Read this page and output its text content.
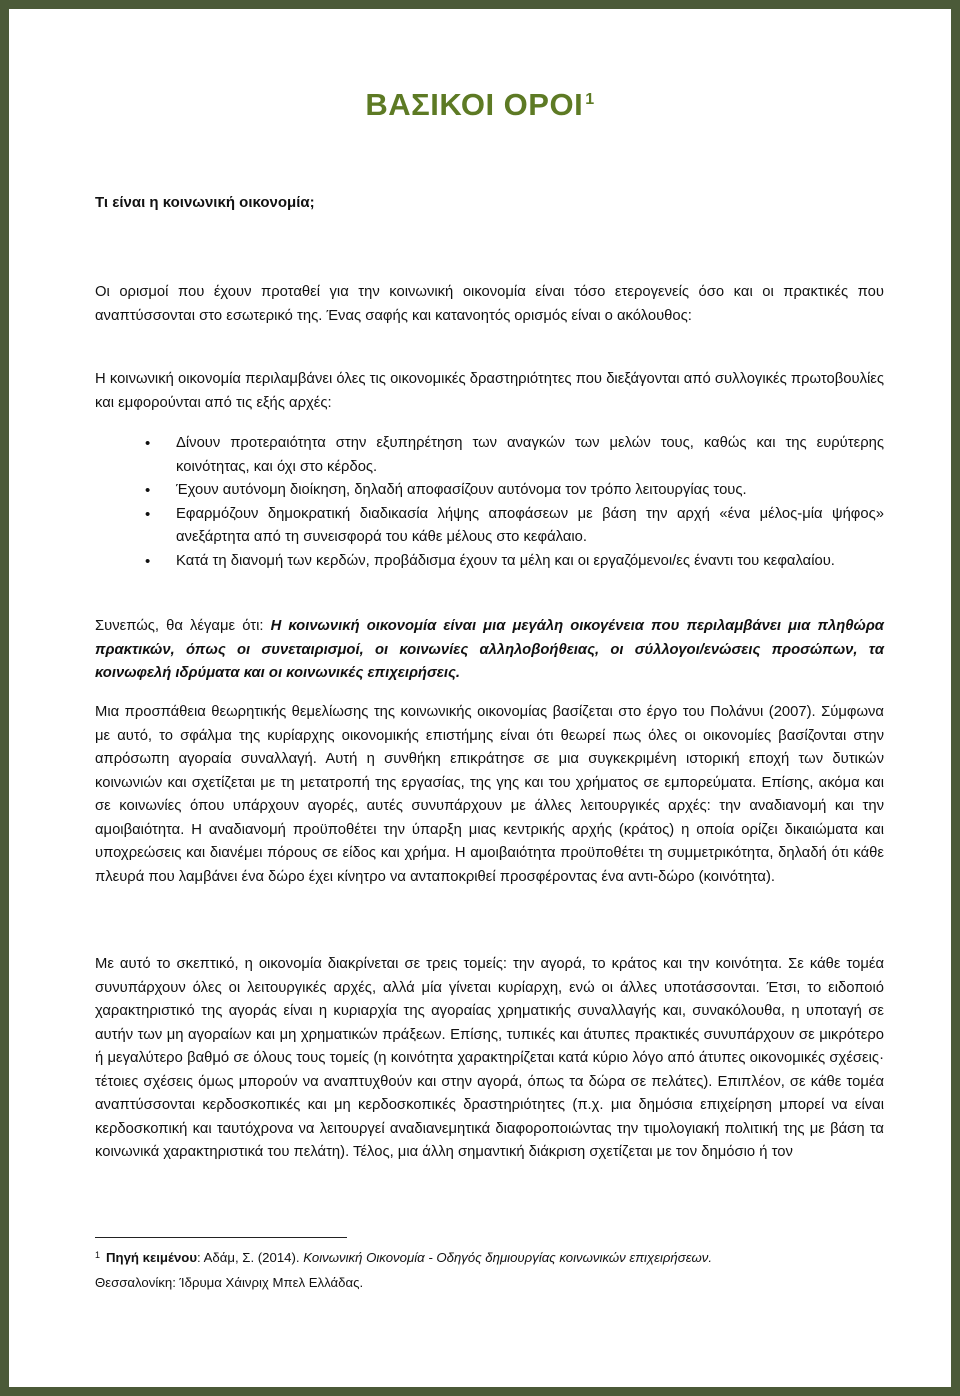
ΒΑΣΙΚΟΙ ΟΡΟΙ $^1$
Τι είναι η κοινωνική οικονομία;

Οι ορισμοί που έχουν προταθεί για την κοινωνική οικονομία είναι τόσο ετερογενείς όσο και οι πρακτικές που αναπτύσσονται στο εσωτερικό της. Ένας σαφής και κατανοητός ορισμός είναι ο ακόλουθος:

Η κοινωνική οικονομία περιλαμβάνει όλες τις οικονομικές δραστηριότητες που διεξάγονται από συλλογικές πρωτοβουλίες και εμφορούνται από τις εξής αρχές:

• Δίνουν προτεραιότητα στην εξυπηρέτηση των αναγκών των μελών τους, καθώς και της ευρύτερης κοινότητας, και όχι στο κέρδος.
• Έχουν αυτόνομη διοίκηση, δηλαδή αποφασίζουν αυτόνομα τον τρόπο λειτουργίας τους.
• Εφαρμόζουν δημοκρατική διαδικασία λήψης αποφάσεων με βάση την αρχή «ένα μέλος-μία ψήφος» ανεξάρτητα από τη συνεισφορά του κάθε μέλους στο κεφάλαιο.
• Κατά τη διανομή των κερδών, προβάδισμα έχουν τα μέλη και οι εργαζόμενοι/ες έναντι του κεφαλαίου.

Συνεπώς, θα λέγαμε ότι: Η κοινωνική οικονομία είναι μια μεγάλη οικογένεια που περιλαμβάνει μια πληθώρα πρακτικών, όπως οι συνεταιρισμοί, οι κοινωνίες αλληλοβοήθειας, οι σύλλογοι/ενώσεις προσώπων, τα κοινωφελή ιδρύματα και οι κοινωνικές επιχειρήσεις.

Μια προσπάθεια θεωρητικής θεμελίωσης της κοινωνικής οικονομίας βασίζεται στο έργο του Πολάνυι (2007). Σύμφωνα με αυτό, το σφάλμα της κυρίαρχης οικονομικής επιστήμης είναι ότι θεωρεί πως όλες οι οικονομίες βασίζονται στην απρόσωπη αγοραία συναλλαγή. Αυτή η συνθήκη επικράτησε σε μια συγκεκριμένη ιστορική εποχή των δυτικών κοινωνιών και σχετίζεται με τη μετατροπή της εργασίας, της γης και του χρήματος σε εμπορεύματα. Επίσης, ακόμα και σε κοινωνίες όπου υπάρχουν αγορές, αυτές συνυπάρχουν με άλλες λειτουργικές αρχές: την αναδιανομή και την αμοιβαιότητα. Η αναδιανομή προϋποθέτει την ύπαρξη μιας κεντρικής αρχής (κράτος) η οποία ορίζει δικαιώματα και υποχρεώσεις και διανέμει πόρους σε είδος και χρήμα. Η αμοιβαιότητα προϋποθέτει τη συμμετρικότητα, δηλαδή ότι κάθε πλευρά που λαμβάνει ένα δώρο έχει κίνητρο να ανταποκριθεί προσφέροντας ένα αντι-δώρο (κοινότητα).

Με αυτό το σκεπτικό, η οικονομία διακρίνεται σε τρεις τομείς: την αγορά, το κράτος και την κοινότητα. Σε κάθε τομέα συνυπάρχουν όλες οι λειτουργικές αρχές, αλλά μία γίνεται κυρίαρχη, ενώ οι άλλες υποτάσσονται. Έτσι, το ειδοποιό χαρακτηριστικό της αγοράς είναι η κυριαρχία της αγοραίας χρηματικής συναλλαγής και, συνακόλουθα, η υποταγή σε αυτήν των μη αγοραίων και μη χρηματικών πράξεων. Επίσης, τυπικές και άτυπες πρακτικές συνυπάρχουν σε μικρότερο ή μεγαλύτερο βαθμό σε όλους τους τομείς (η κοινότητα χαρακτηρίζεται κατά κύριο λόγο από άτυπες οικονομικές σχέσεις· τέτοιες σχέσεις όμως μπορούν να αναπτυχθούν και στην αγορά, όπως τα δώρα σε πελάτες). Επιπλέον, σε κάθε τομέα αναπτύσσονται κερδοσκοπικές και μη κερδοσκοπικές δραστηριότητες (π.χ. μια δημόσια επιχείρηση μπορεί να είναι κερδοσκοπική και ταυτόχρονα να λειτουργεί αναδιανεμητικά διαφοροποιώντας την τιμολογιακή πολιτική της με βάση τα κοινωνικά χαρακτηριστικά του πελάτη). Τέλος, μια άλλη σημαντική διάκριση σχετίζεται με τον δημόσιο ή τον

$^1$ Πηγή κειμένου: Αδάμ, Σ. (2014). Κοινωνική Οικονομία - Οδηγός δημιουργίας κοινωνικών επιχειρήσεων.
Θεσσαλονίκη: Ίδρυμα Χάινριχ Μπελ Ελλάδας.
